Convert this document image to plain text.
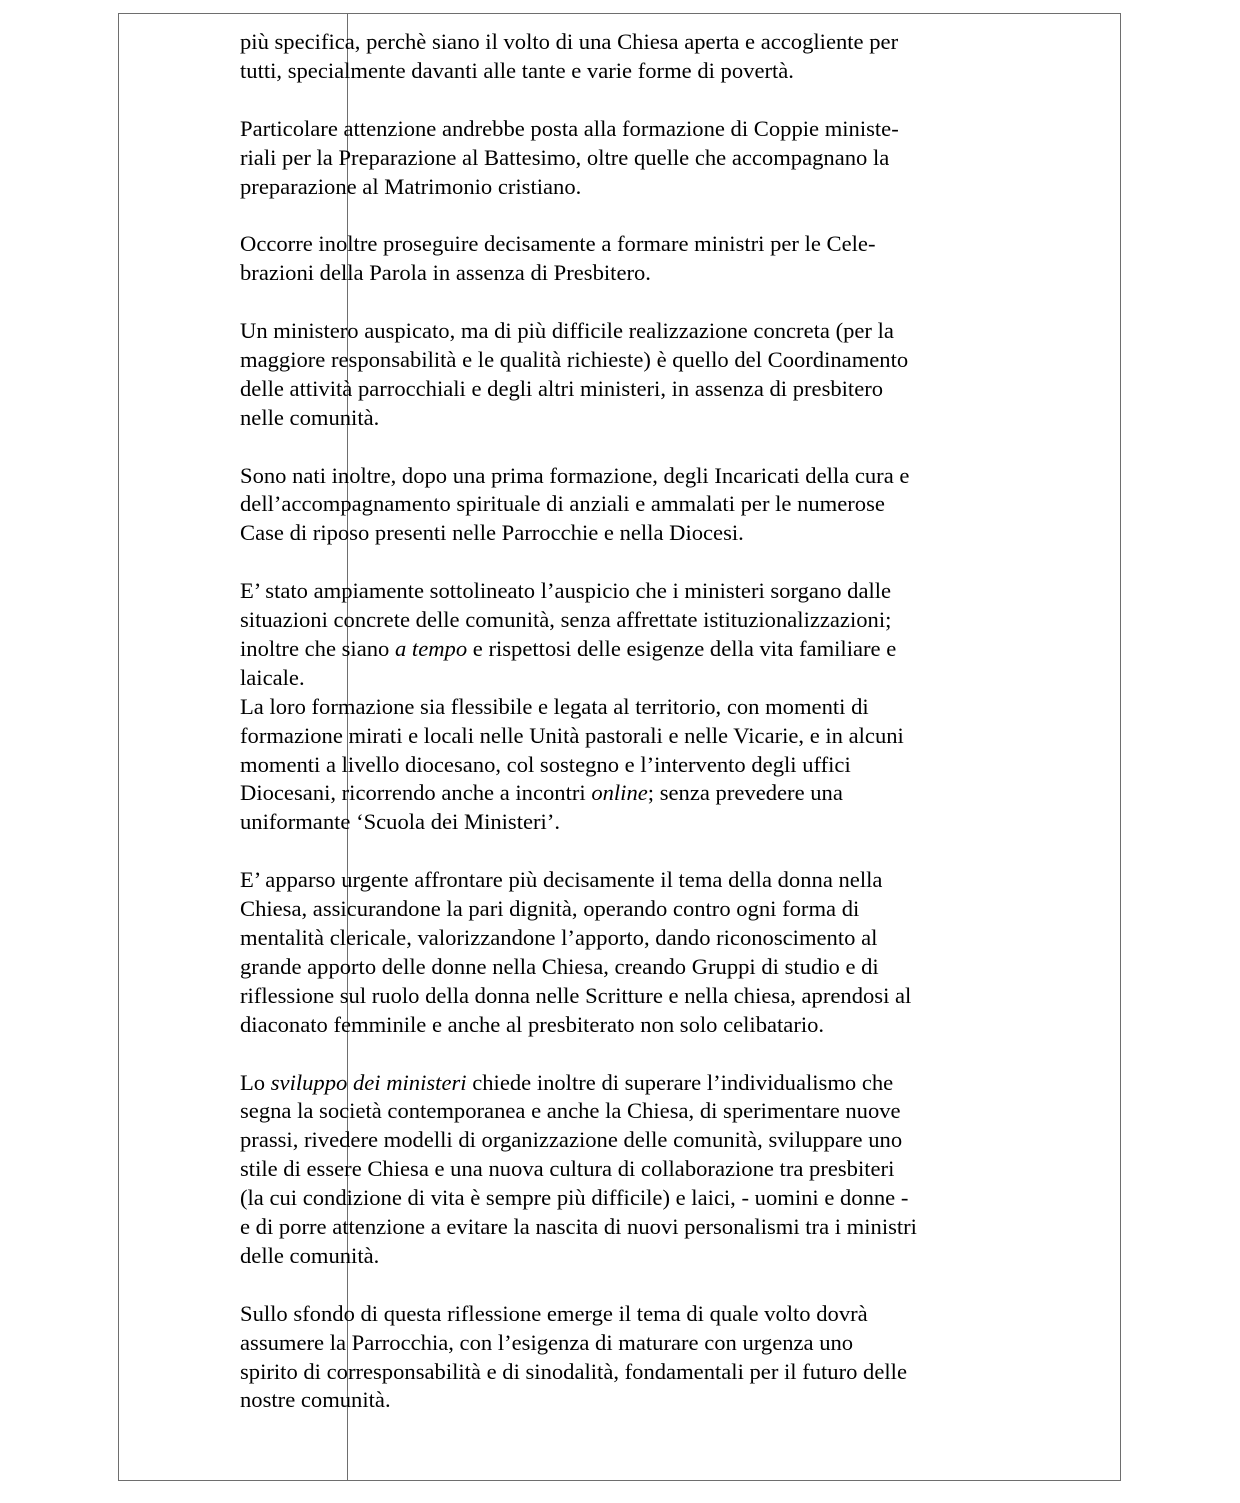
più specifica, perchè siano il volto di una Chiesa aperta e accogliente per
tutti, specialmente davanti alle tante e varie forme di povertà.

Particolare attenzione andrebbe posta alla formazione di Coppie ministe-
riali per la Preparazione al Battesimo, oltre quelle che accompagnano la
preparazione al Matrimonio cristiano.

Occorre inoltre proseguire decisamente a formare ministri per le Cele-
brazioni della Parola in assenza di Presbitero.

Un ministero auspicato, ma di più difficile realizzazione concreta (per la
maggiore responsabilità e le qualità richieste) è quello del Coordinamento
delle attività parrocchiali e degli altri ministeri, in assenza di presbitero
nelle comunità.

Sono nati inoltre, dopo una prima formazione, degli Incaricati della cura e
dell’accompagnamento spirituale di anziali e ammalati per le numerose
Case di riposo presenti nelle Parrocchie e nella Diocesi.

E’ stato ampiamente sottolineato l’auspicio che i ministeri sorgano dalle
situazioni concrete delle comunità, senza affrettate istituzionalizzazioni;
inoltre che siano a tempo e rispettosi delle esigenze della vita familiare e
laicale.
La loro formazione sia flessibile e legata al territorio, con momenti di
formazione mirati e locali nelle Unità pastorali e nelle Vicarie, e in alcuni
momenti a livello diocesano, col sostegno e l’intervento degli uffici
Diocesani, ricorrendo anche a incontri online; senza prevedere una
uniformante ‘Scuola dei Ministeri’.

E’ apparso urgente affrontare più decisamente il tema della donna nella
Chiesa, assicurandone la pari dignità, operando contro ogni forma di
mentalità clericale, valorizzandone l’apporto, dando riconoscimento al
grande apporto delle donne nella Chiesa, creando Gruppi di studio e di
riflessione sul ruolo della donna nelle Scritture e nella chiesa, aprendosi al
diaconato femminile e anche al presbiterato non solo celibatario.

Lo sviluppo dei ministeri chiede inoltre di superare l’individualismo che
segna la società contemporanea e anche la Chiesa, di sperimentare nuove
prassi, rivedere modelli di organizzazione delle comunità, sviluppare uno
stile di essere Chiesa e una nuova cultura di collaborazione tra presbiteri
(la cui condizione di vita è sempre più difficile) e laici, - uomini e donne -
e di porre attenzione a evitare la nascita di nuovi personalismi tra i ministri
delle comunità.

Sullo sfondo di questa riflessione emerge il tema di quale volto dovrà
assumere la Parrocchia, con l’esigenza di maturare con urgenza uno
spirito di corresponsabilità e di sinodalità, fondamentali per il futuro delle
nostre comunità.
